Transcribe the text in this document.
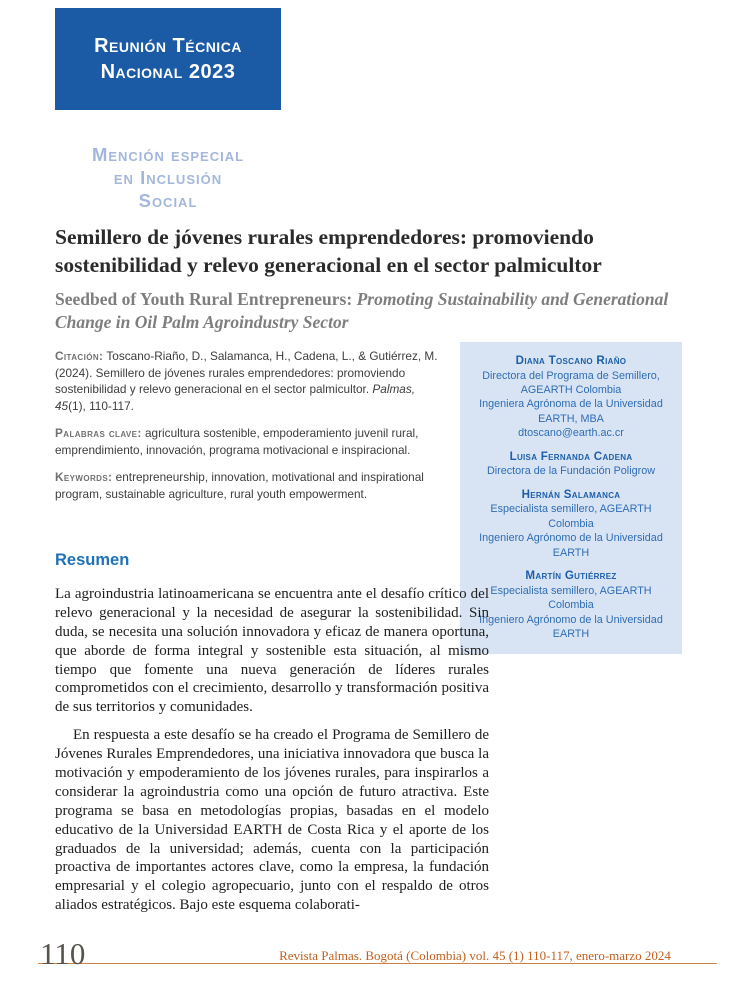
Reunión Técnica
Nacional 2023

Mención especial
en Inclusión
Social

Semillero de jóvenes rurales emprendedores: promoviendo sostenibilidad y relevo generacional en el sector palmicultor
Seedbed of Youth Rural Entrepreneurs: Promoting Sustainability and Generational Change in Oil Palm Agroindustry Sector

Citación: Toscano-Riaño, D., Salamanca, H., Cadena, L., & Gutiérrez, M. (2024). Semillero de jóvenes rurales emprendedores: promoviendo sostenibilidad y relevo generacional en el sector palmicultor. Palmas, 45(1), 110-117.

Palabras clave: agricultura sostenible, empoderamiento juvenil rural, emprendimiento, innovación, programa motivacional e inspiracional.

Keywords: entrepreneurship, innovation, motivational and inspirational program, sustainable agriculture, rural youth empowerment.

Diana Toscano Riaño
Directora del Programa de Semillero,
AGEARTH Colombia
Ingeniera Agrónoma de la Universidad
EARTH, MBA
dtoscano@earth.ac.cr
Luisa Fernanda Cadena
Directora de la Fundación Poligrow
Hernán Salamanca
Especialista semillero, AGEARTH Colombia
Ingeniero Agrónomo de la Universidad
EARTH
Martín Gutiérrez
Especialista semillero, AGEARTH Colombia
Ingeniero Agrónomo de la Universidad
EARTH
Resumen

La agroindustria latinoamericana se encuentra ante el desafío crítico del relevo generacional y la necesidad de asegurar la sostenibilidad. Sin duda, se necesita una solución innovadora y eficaz de manera oportuna, que aborde de forma integral y sostenible esta situación, al mismo tiempo que fomente una nueva generación de líderes rurales comprometidos con el crecimiento, desarrollo y transformación positiva de sus territorios y comunidades.

En respuesta a este desafío se ha creado el Programa de Semillero de Jóvenes Rurales Emprendedores, una iniciativa innovadora que busca la motivación y empoderamiento de los jóvenes rurales, para inspirarlos a considerar la agroindustria como una opción de futuro atractiva. Este programa se basa en metodologías propias, basadas en el modelo educativo de la Universidad EARTH de Costa Rica y el aporte de los graduados de la universidad; además, cuenta con la participación proactiva de importantes actores clave, como la empresa, la fundación empresarial y el colegio agropecuario, junto con el respaldo de otros aliados estratégicos. Bajo este esquema colaborati-

110	Revista Palmas. Bogotá (Colombia) vol. 45 (1) 110-117, enero-marzo 2024
